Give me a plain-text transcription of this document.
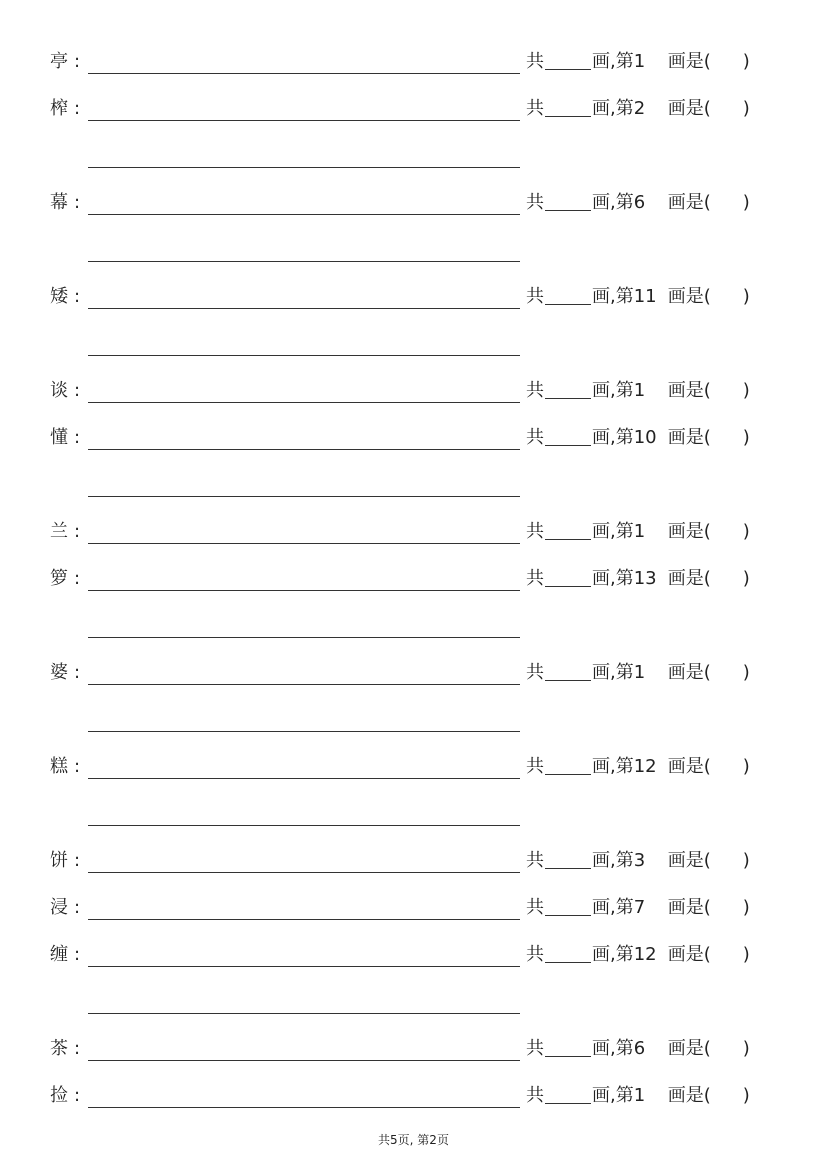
亭 :	共	画,第1 画是( )
榨 :	共	画,第2 画是( )
幕 :	共	画,第6 画是( )
矮 :	共	画,第11 画是( )
谈 :	共	画,第1 画是( )
懂 :	共	画,第10 画是( )
兰 :	共	画,第1 画是( )
箩 :	共	画,第13 画是( )
婆 :	共	画,第1 画是( )
糕 :	共	画,第12 画是( )
饼 :	共	画,第3 画是( )
浸 :	共	画,第7 画是( )
缠 :	共	画,第12 画是( )
茶 :	共	画,第6 画是( )
捡 :	共	画,第1 画是( )
共5页, 第2页
